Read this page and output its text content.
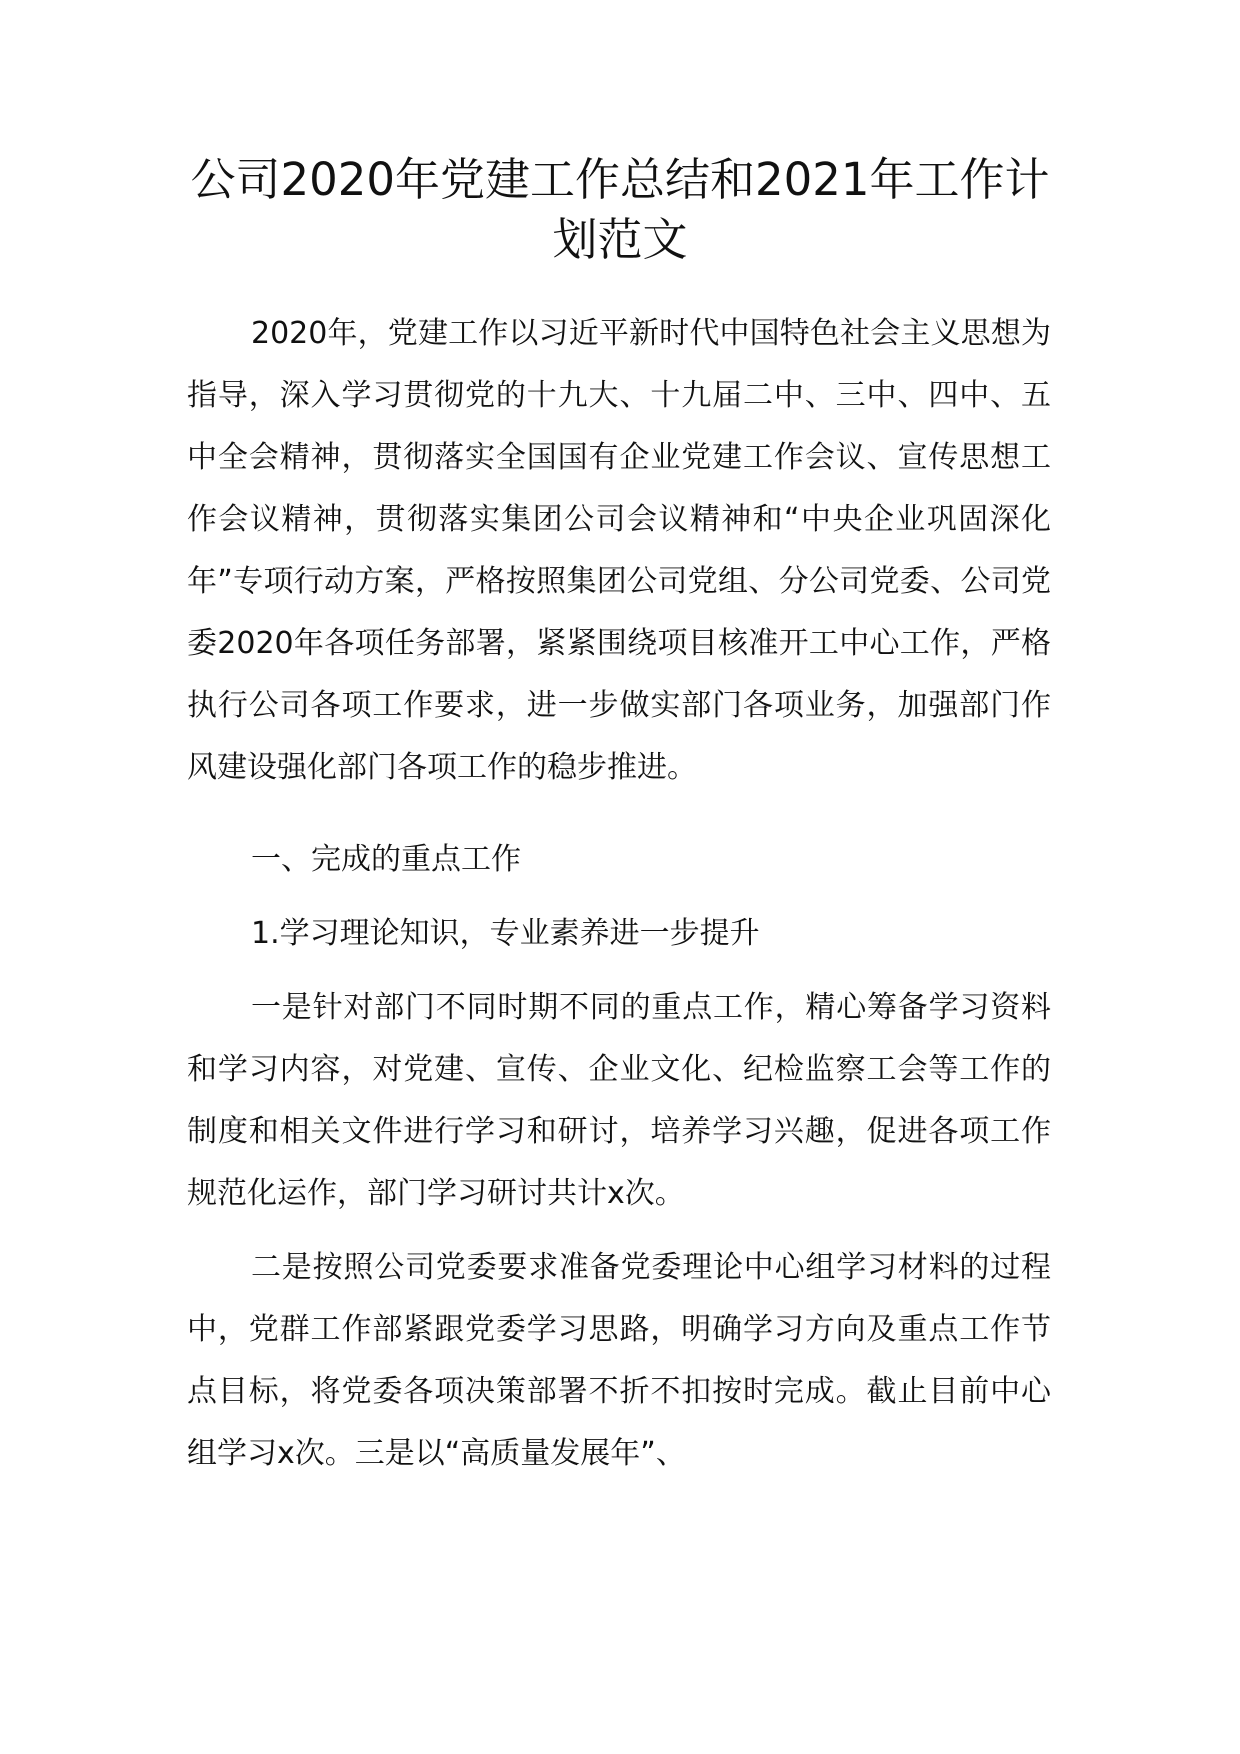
公司2020年党建工作总结和2021年工作计划范文

2020年，党建工作以习近平新时代中国特色社会主义思想为指导，深入学习贯彻党的十九大、十九届二中、三中、四中、五中全会精神，贯彻落实全国国有企业党建工作会议、宣传思想工作会议精神，贯彻落实集团公司会议精神和“中央企业巩固深化年”专项行动方案，严格按照集团公司党组、分公司党委、公司党委2020年各项任务部署，紧紧围绕项目核准开工中心工作，严格执行公司各项工作要求，进一步做实部门各项业务，加强部门作风建设强化部门各项工作的稳步推进。

一、完成的重点工作

1.学习理论知识，专业素养进一步提升

一是针对部门不同时期不同的重点工作，精心筹备学习资料和学习内容，对党建、宣传、企业文化、纪检监察工会等工作的制度和相关文件进行学习和研讨，培养学习兴趣，促进各项工作规范化运作，部门学习研讨共计x次。

二是按照公司党委要求准备党委理论中心组学习材料的过程中，党群工作部紧跟党委学习思路，明确学习方向及重点工作节点目标，将党委各项决策部署不折不扣按时完成。截止目前中心组学习x次。三是以“高质量发展年”、
